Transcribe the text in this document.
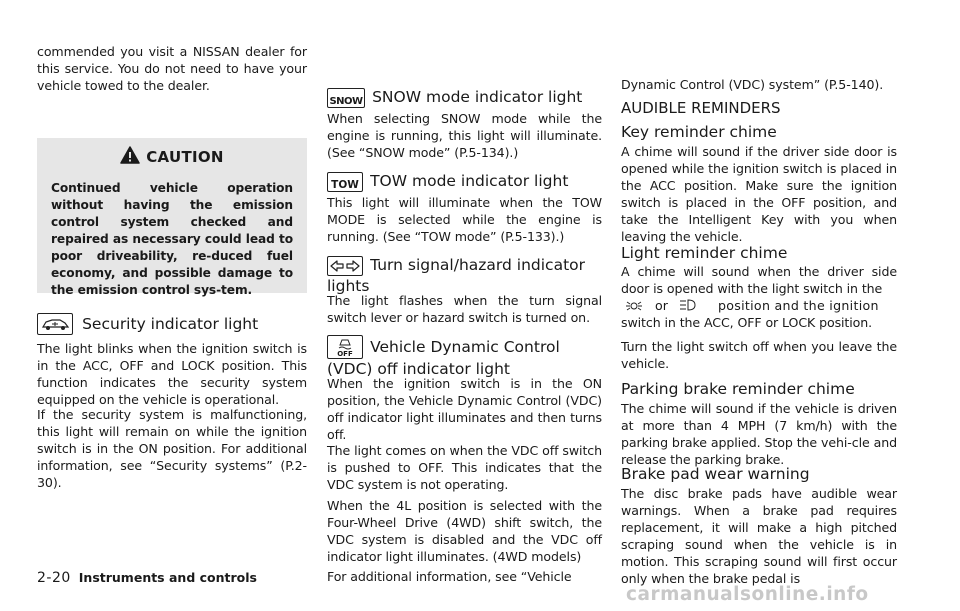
commended you visit a NISSAN dealer for this service. You do not need to have your vehicle towed to the dealer.

CAUTION

Continued vehicle operation without having the emission control system checked and repaired as necessary could lead to poor driveability, re-duced fuel economy, and possible damage to the emission control sys-tem.

Security indicator light

The light blinks when the ignition switch is in the ACC, OFF and LOCK position. This function indicates the security system equipped on the vehicle is operational.

If the security system is malfunctioning, this light will remain on while the ignition switch is in the ON position. For additional information, see “Security systems” (P.2-30).

SNOW SNOW mode indicator light

When selecting SNOW mode while the engine is running, this light will illuminate. (See “SNOW mode” (P.5-134).)

TOW TOW mode indicator light

This light will illuminate when the TOW MODE is selected while the engine is running. (See “TOW mode” (P.5-133).)

Turn signal/hazard indicator lights

The light flashes when the turn signal switch lever or hazard switch is turned on.

OFF	Vehicle Dynamic Control (VDC) off indicator light

When the ignition switch is in the ON position, the Vehicle Dynamic Control (VDC) off indicator light illuminates and then turns off.

The light comes on when the VDC off switch is pushed to OFF. This indicates that the VDC system is not operating.

When the 4L position is selected with the Four-Wheel Drive (4WD) shift switch, the VDC system is disabled and the VDC off indicator light illuminates. (4WD models)

For additional information, see “Vehicle

Dynamic Control (VDC) system” (P.5-140).

AUDIBLE REMINDERS
Key reminder chime

A chime will sound if the driver side door is opened while the ignition switch is placed in the ACC position. Make sure the ignition switch is placed in the OFF position, and take the Intelligent Key with you when leaving the vehicle.

Light reminder chime

A chime will sound when the driver side door is opened with the light switch in the

or	position and the ignition

switch in the ACC, OFF or LOCK position.

Turn the light switch off when you leave the vehicle.

Parking brake reminder chime

The chime will sound if the vehicle is driven at more than 4 MPH (7 km/h) with the parking brake applied. Stop the vehi-cle and release the parking brake.

Brake pad wear warning

The disc brake pads have audible wear warnings. When a brake pad requires replacement, it will make a high pitched scraping sound when the vehicle is in motion. This scraping sound will first occur only when the brake pedal is

2-20 Instruments and controls
carmanualsonline.info
